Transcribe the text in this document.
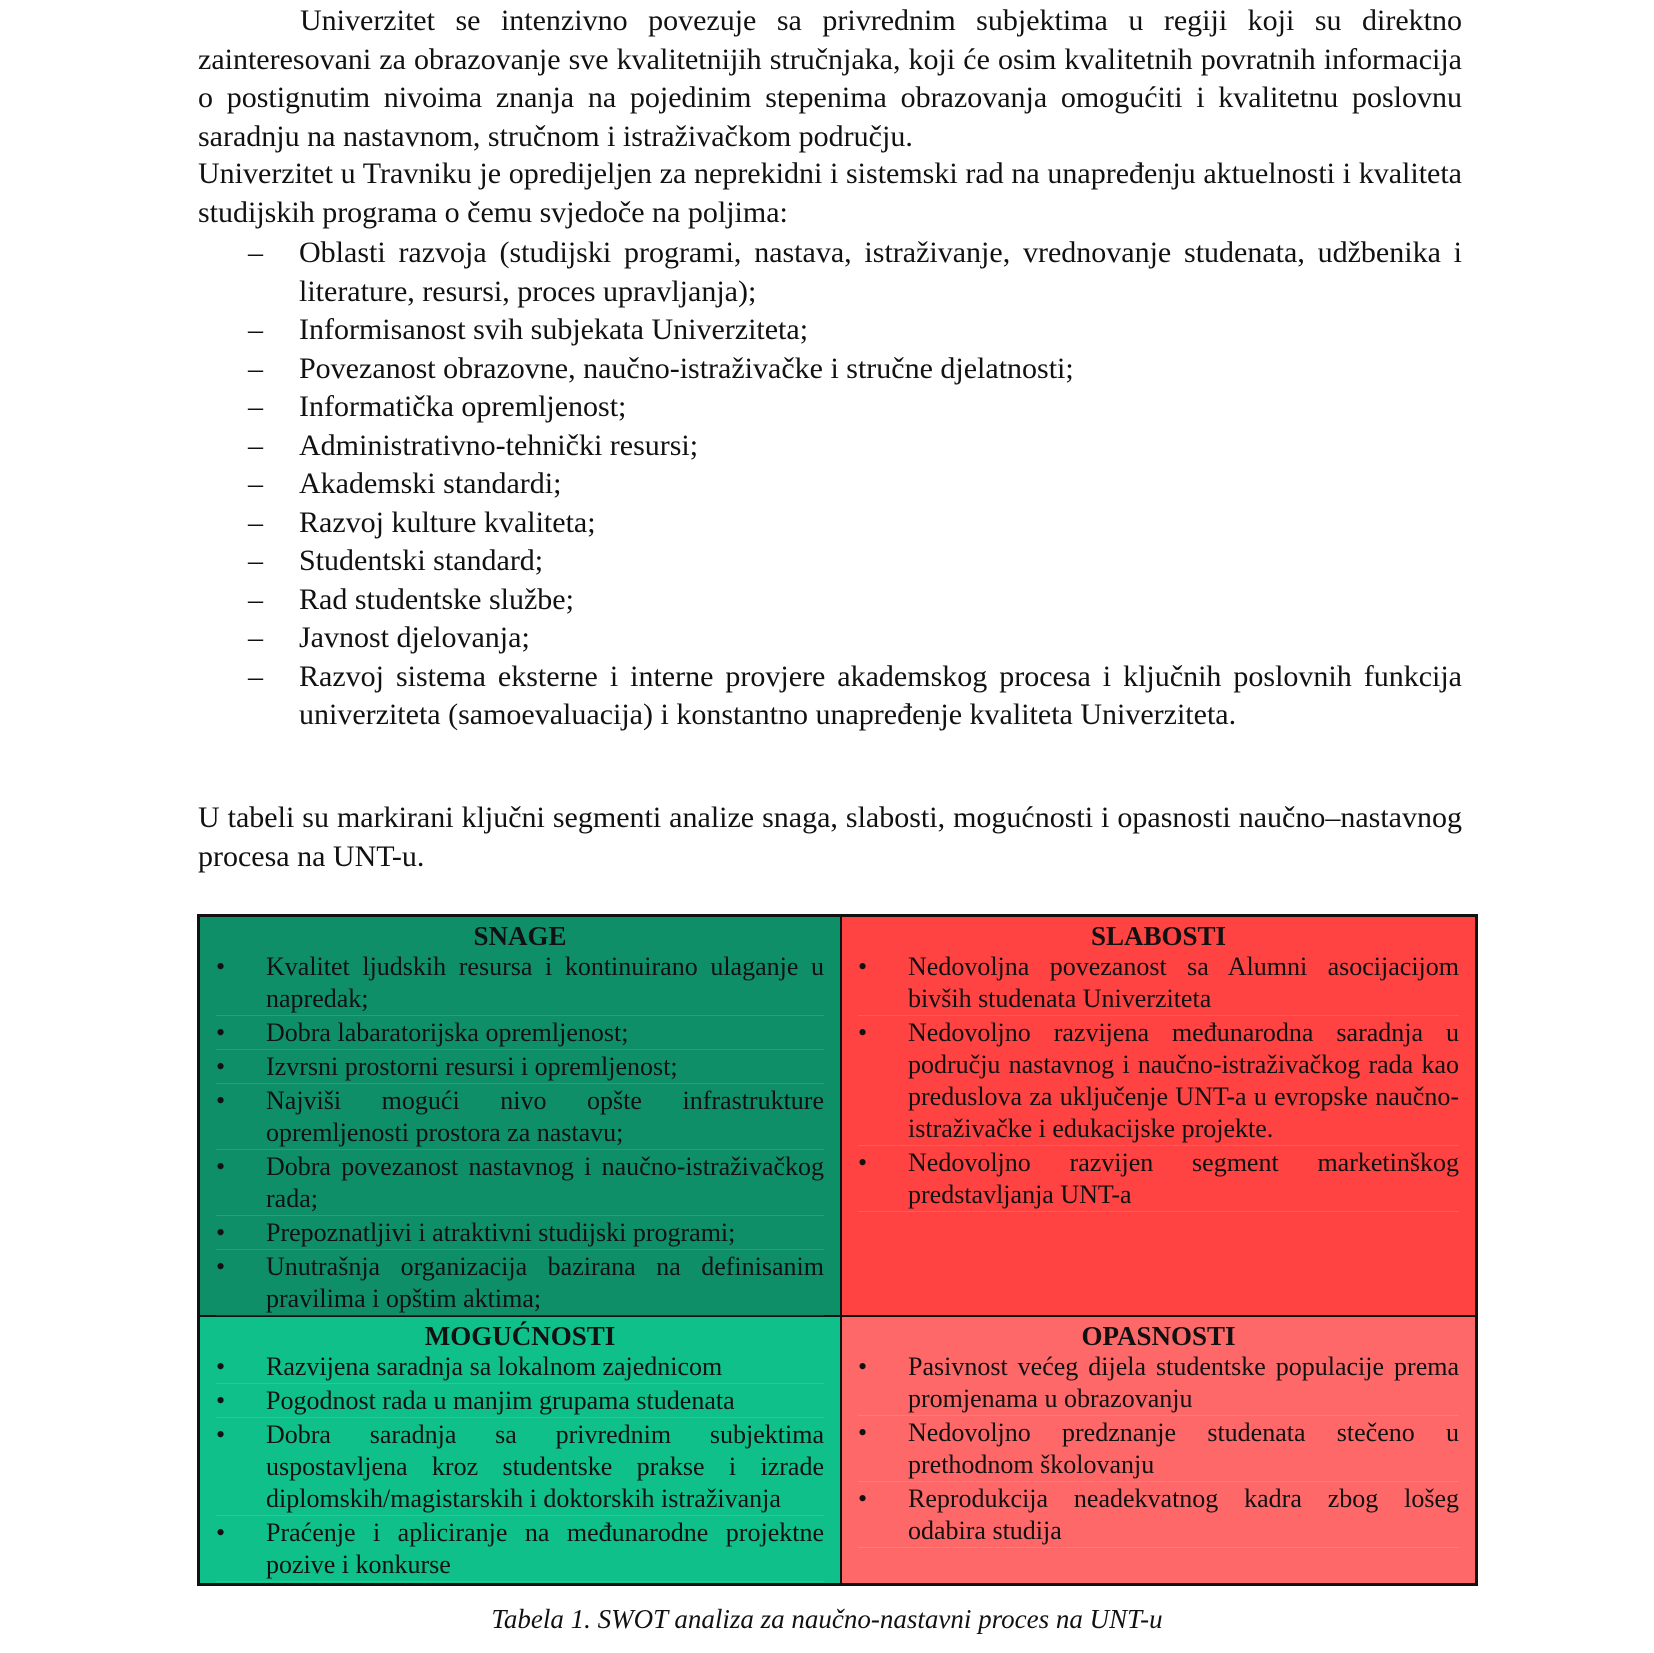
Univerzitet se intenzivno povezuje sa privrednim subjektima u regiji koji su direktno zainteresovani za obrazovanje sve kvalitetnijih stručnjaka, koji će osim kvalitetnih povratnih informacija o postignutim nivoima znanja na pojedinim stepenima obrazovanja omogućiti i kvalitetnu poslovnu saradnju na nastavnom, stručnom i istraživačkom području.

Univerzitet u Travniku je opredijeljen za neprekidni i sistemski rad na unapređenju aktuelnosti i kvaliteta studijskih programa o čemu svjedoče na poljima:

– Oblasti razvoja (studijski programi, nastava, istraživanje, vrednovanje studenata, udžbenika i literature, resursi, proces upravljanja);
– Informisanost svih subjekata Univerziteta;
– Povezanost obrazovne, naučno-istraživačke i stručne djelatnosti;
– Informatička opremljenost;
– Administrativno-tehnički resursi;
– Akademski standardi;
– Razvoj kulture kvaliteta;
– Studentski standard;
– Rad studentske službe;
– Javnost djelovanja;
– Razvoj sistema eksterne i interne provjere akademskog procesa i ključnih poslovnih funkcija univerziteta (samoevaluacija) i konstantno unapređenje kvaliteta Univerziteta.

U tabeli su markirani ključni segmenti analize snaga, slabosti, mogućnosti i opasnosti naučno–nastavnog procesa na UNT-u.

SNAGE
• Kvalitet ljudskih resursa i kontinuirano ulaganje u napredak;
• Dobra labaratorijska opremljenost;
• Izvrsni prostorni resursi i opremljenost;
• Najviši mogući nivo opšte infrastrukture opremljenosti prostora za nastavu;
• Dobra povezanost nastavnog i naučno-istraživačkog rada;
• Prepoznatljivi i atraktivni studijski programi;
• Unutrašnja organizacija bazirana na definisanim pravilima i opštim aktima;
SLABOSTI
• Nedovoljna povezanost sa Alumni asocijacijom bivših studenata Univerziteta
• Nedovoljno razvijena međunarodna saradnja u području nastavnog i naučno-istraživačkog rada kao preduslova za uključenje UNT-a u evropske naučno-istraživačke i edukacijske projekte.
• Nedovoljno razvijen segment marketinškog predstavljanja UNT-a
MOGUĆNOSTI
• Razvijena saradnja sa lokalnom zajednicom
• Pogodnost rada u manjim grupama studenata
• Dobra saradnja sa privrednim subjektima uspostavljena kroz studentske prakse i izrade diplomskih/magistarskih i doktorskih istraživanja
• Praćenje i apliciranje na međunarodne projektne pozive i konkurse
OPASNOSTI
• Pasivnost većeg dijela studentske populacije prema promjenama u obrazovanju
• Nedovoljno predznanje studenata stečeno u prethodnom školovanju
• Reprodukcija neadekvatnog kadra zbog lošeg odabira studija
Tabela 1. SWOT analiza za naučno-nastavni proces na UNT-u
